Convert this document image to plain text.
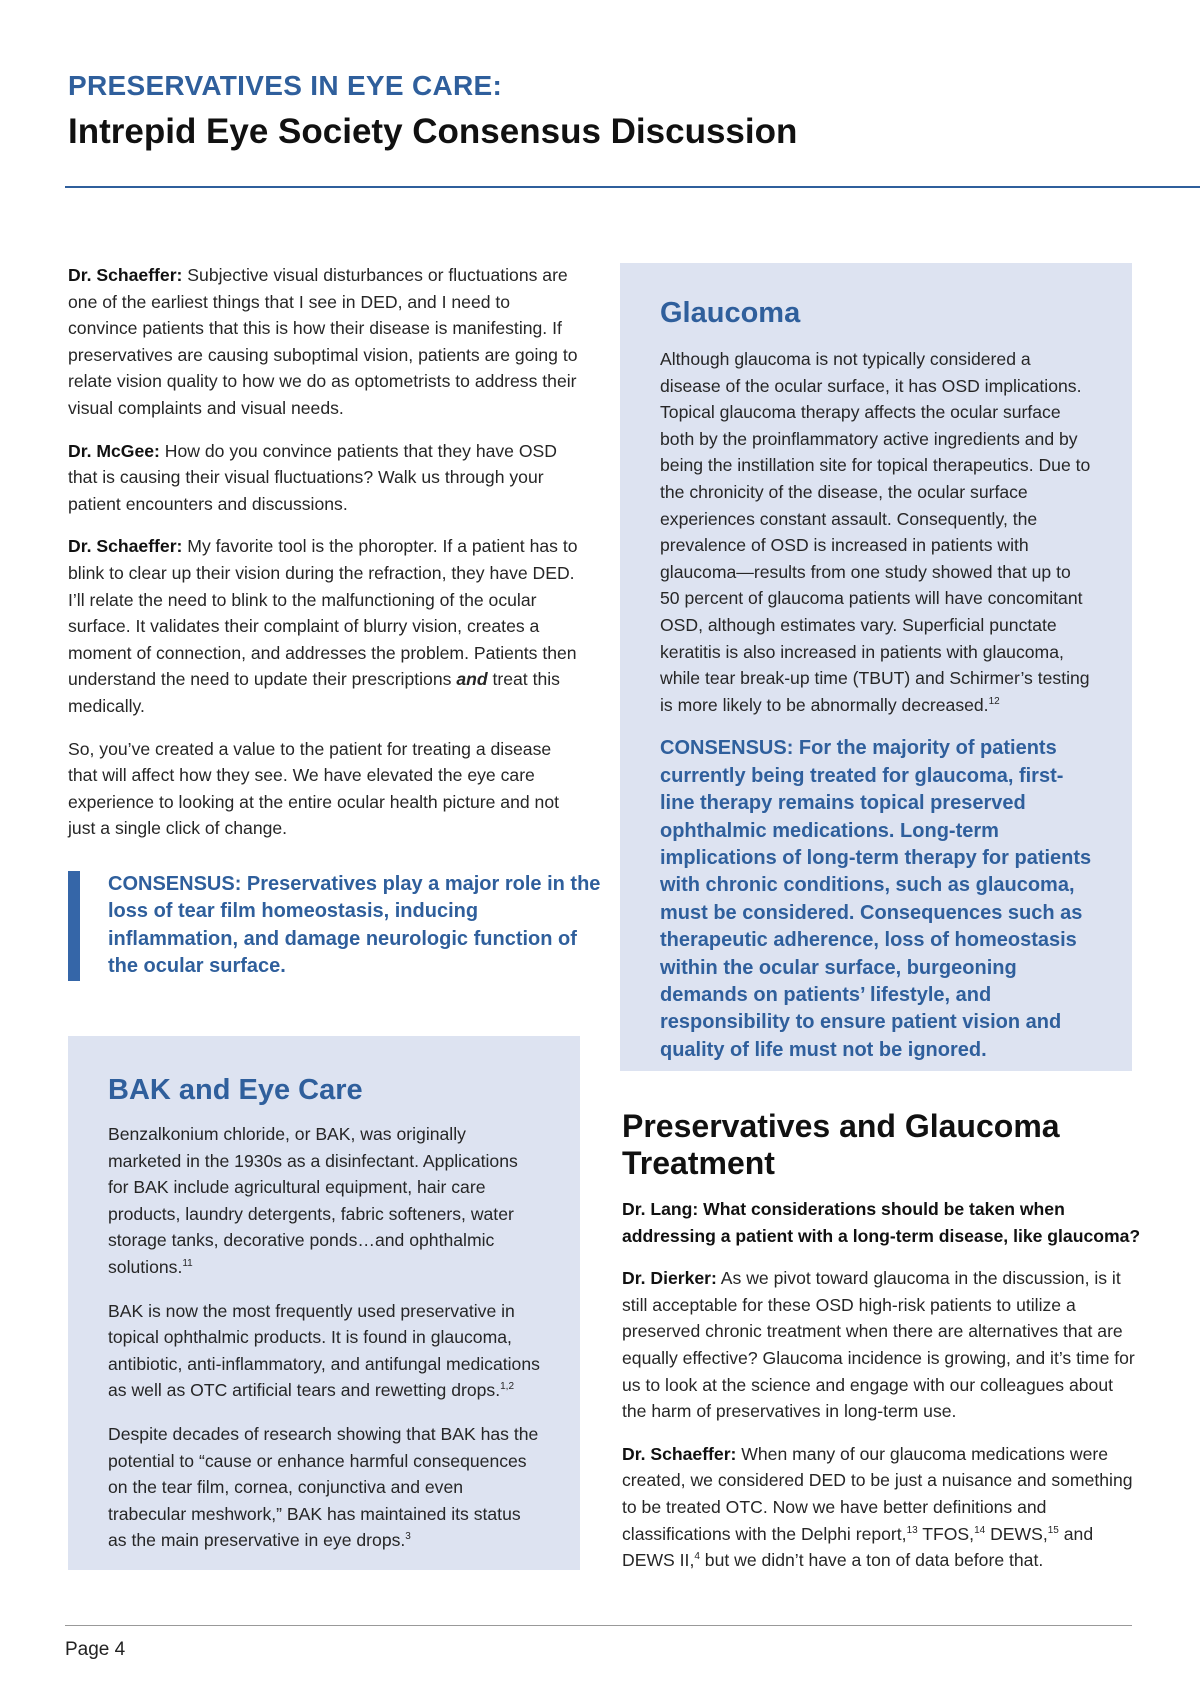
PRESERVATIVES IN EYE CARE:

Intrepid Eye Society Consensus Discussion

Dr. Schaeffer: Subjective visual disturbances or fluctuations are one of the earliest things that I see in DED, and I need to convince patients that this is how their disease is manifesting. If preservatives are causing suboptimal vision, patients are going to relate vision quality to how we do as optometrists to address their visual complaints and visual needs.

Dr. McGee: How do you convince patients that they have OSD that is causing their visual fluctuations? Walk us through your patient encounters and discussions.

Dr. Schaeffer: My favorite tool is the phoropter. If a patient has to blink to clear up their vision during the refraction, they have DED. I’ll relate the need to blink to the malfunctioning of the ocular surface. It validates their complaint of blurry vision, creates a moment of connection, and addresses the problem. Patients then understand the need to update their prescriptions and treat this medically.

So, you’ve created a value to the patient for treating a disease that will affect how they see. We have elevated the eye care experience to looking at the entire ocular health picture and not just a single click of change.

CONSENSUS: Preservatives play a major role in the loss of tear film homeostasis, inducing inflammation, and damage neurologic function of the ocular surface.

BAK and Eye Care

Benzalkonium chloride, or BAK, was originally marketed in the 1930s as a disinfectant. Applications for BAK include agricultural equipment, hair care products, laundry detergents, fabric softeners, water storage tanks, decorative ponds…and ophthalmic solutions.$^{11}$

BAK is now the most frequently used preservative in topical ophthalmic products. It is found in glaucoma, antibiotic, anti-inflammatory, and antifungal medications as well as OTC artificial tears and rewetting drops.$^{1,2}$

Despite decades of research showing that BAK has the potential to “cause or enhance harmful consequences on the tear film, cornea, conjunctiva and even trabecular meshwork,” BAK has maintained its status as the main preservative in eye drops.$^3$

Glaucoma

Although glaucoma is not typically considered a disease of the ocular surface, it has OSD implications. Topical glaucoma therapy affects the ocular surface both by the proinflammatory active ingredients and by being the instillation site for topical therapeutics. Due to the chronicity of the disease, the ocular surface experiences constant assault. Consequently, the prevalence of OSD is increased in patients with glaucoma—results from one study showed that up to 50 percent of glaucoma patients will have concomitant OSD, although estimates vary. Superficial punctate keratitis is also increased in patients with glaucoma, while tear break-up time (TBUT) and Schirmer’s testing is more likely to be abnormally decreased.$^{12}$

CONSENSUS: For the majority of patients currently being treated for glaucoma, first-line therapy remains topical preserved ophthalmic medications. Long-term implications of long-term therapy for patients with chronic conditions, such as glaucoma, must be considered. Consequences such as therapeutic adherence, loss of homeostasis within the ocular surface, burgeoning demands on patients’ lifestyle, and responsibility to ensure patient vision and quality of life must not be ignored.

Preservatives and Glaucoma Treatment

Dr. Lang: What considerations should be taken when addressing a patient with a long-term disease, like glaucoma?

Dr. Dierker: As we pivot toward glaucoma in the discussion, is it still acceptable for these OSD high-risk patients to utilize a preserved chronic treatment when there are alternatives that are equally effective? Glaucoma incidence is growing, and it’s time for us to look at the science and engage with our colleagues about the harm of preservatives in long-term use.

Dr. Schaeffer: When many of our glaucoma medications were created, we considered DED to be just a nuisance and something to be treated OTC. Now we have better definitions and classifications with the Delphi report,$^{13}$ TFOS,$^{14}$ DEWS,$^{15}$ and DEWS II,$^4$ but we didn’t have a ton of data before that.

Page 4
